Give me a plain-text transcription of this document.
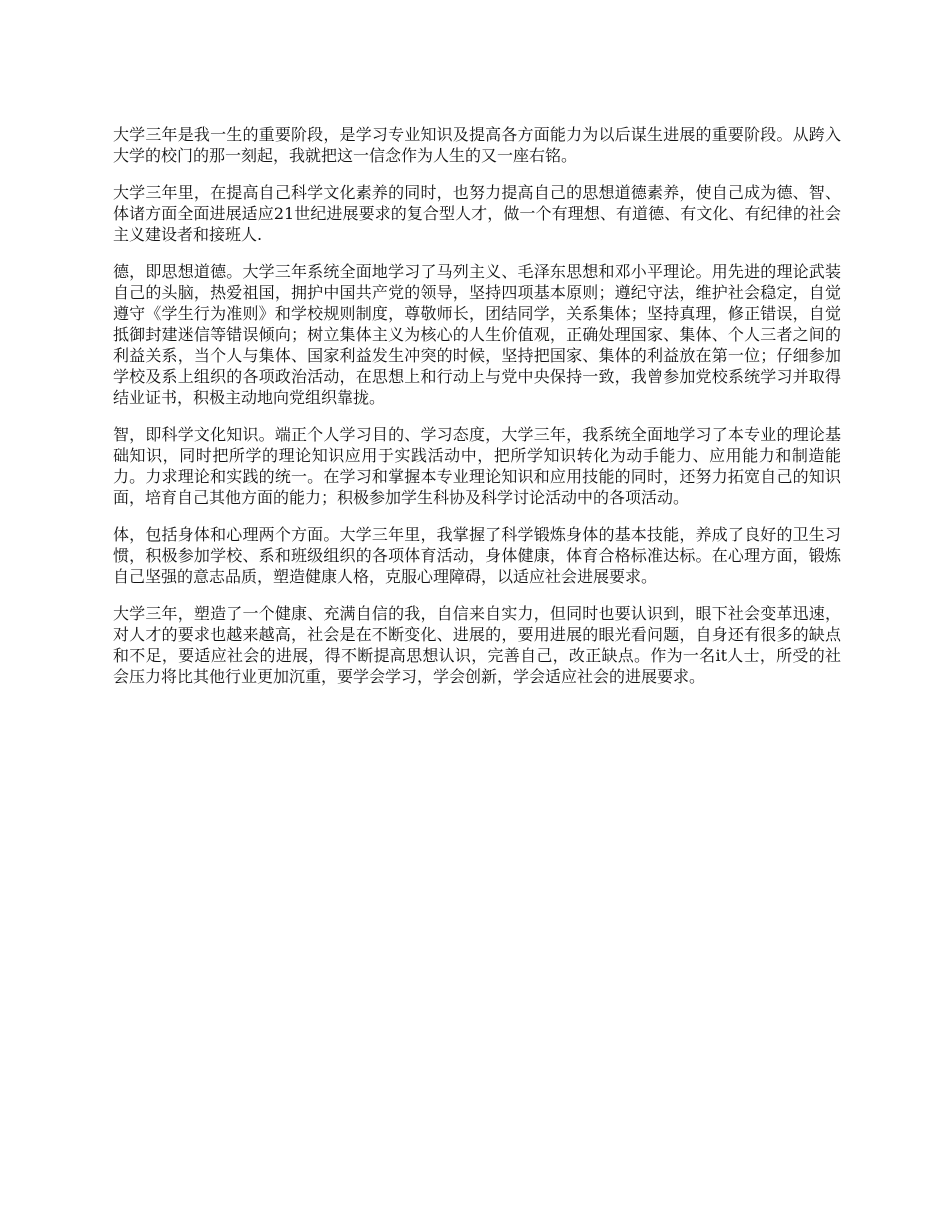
大学三年是我一生的重要阶段，是学习专业知识及提高各方面能力为以后谋生进展的重要阶段。从跨入大学的校门的那一刻起，我就把这一信念作为人生的又一座右铭。

大学三年里，在提高自己科学文化素养的同时，也努力提高自己的思想道德素养，使自己成为德、智、体诸方面全面进展适应21世纪进展要求的复合型人才，做一个有理想、有道德、有文化、有纪律的社会主义建设者和接班人.

德，即思想道德。大学三年系统全面地学习了马列主义、毛泽东思想和邓小平理论。用先进的理论武装自己的头脑，热爱祖国，拥护中国共产党的领导，坚持四项基本原则；遵纪守法，维护社会稳定，自觉遵守《学生行为准则》和学校规则制度，尊敬师长，团结同学，关系集体；坚持真理，修正错误，自觉抵御封建迷信等错误倾向；树立集体主义为核心的人生价值观，正确处理国家、集体、个人三者之间的利益关系，当个人与集体、国家利益发生冲突的时候，坚持把国家、集体的利益放在第一位；仔细参加学校及系上组织的各项政治活动，在思想上和行动上与党中央保持一致，我曾参加党校系统学习并取得结业证书，积极主动地向党组织靠拢。

智，即科学文化知识。端正个人学习目的、学习态度，大学三年，我系统全面地学习了本专业的理论基础知识，同时把所学的理论知识应用于实践活动中，把所学知识转化为动手能力、应用能力和制造能力。力求理论和实践的统一。在学习和掌握本专业理论知识和应用技能的同时，还努力拓宽自己的知识面，培育自己其他方面的能力；积极参加学生科协及科学讨论活动中的各项活动。

体，包括身体和心理两个方面。大学三年里，我掌握了科学锻炼身体的基本技能，养成了良好的卫生习惯，积极参加学校、系和班级组织的各项体育活动，身体健康，体育合格标准达标。在心理方面，锻炼自己坚强的意志品质，塑造健康人格，克服心理障碍，以适应社会进展要求。

大学三年，塑造了一个健康、充满自信的我，自信来自实力，但同时也要认识到，眼下社会变革迅速，对人才的要求也越来越高，社会是在不断变化、进展的，要用进展的眼光看问题，自身还有很多的缺点和不足，要适应社会的进展，得不断提高思想认识，完善自己，改正缺点。作为一名it人士，所受的社会压力将比其他行业更加沉重，要学会学习，学会创新，学会适应社会的进展要求。
